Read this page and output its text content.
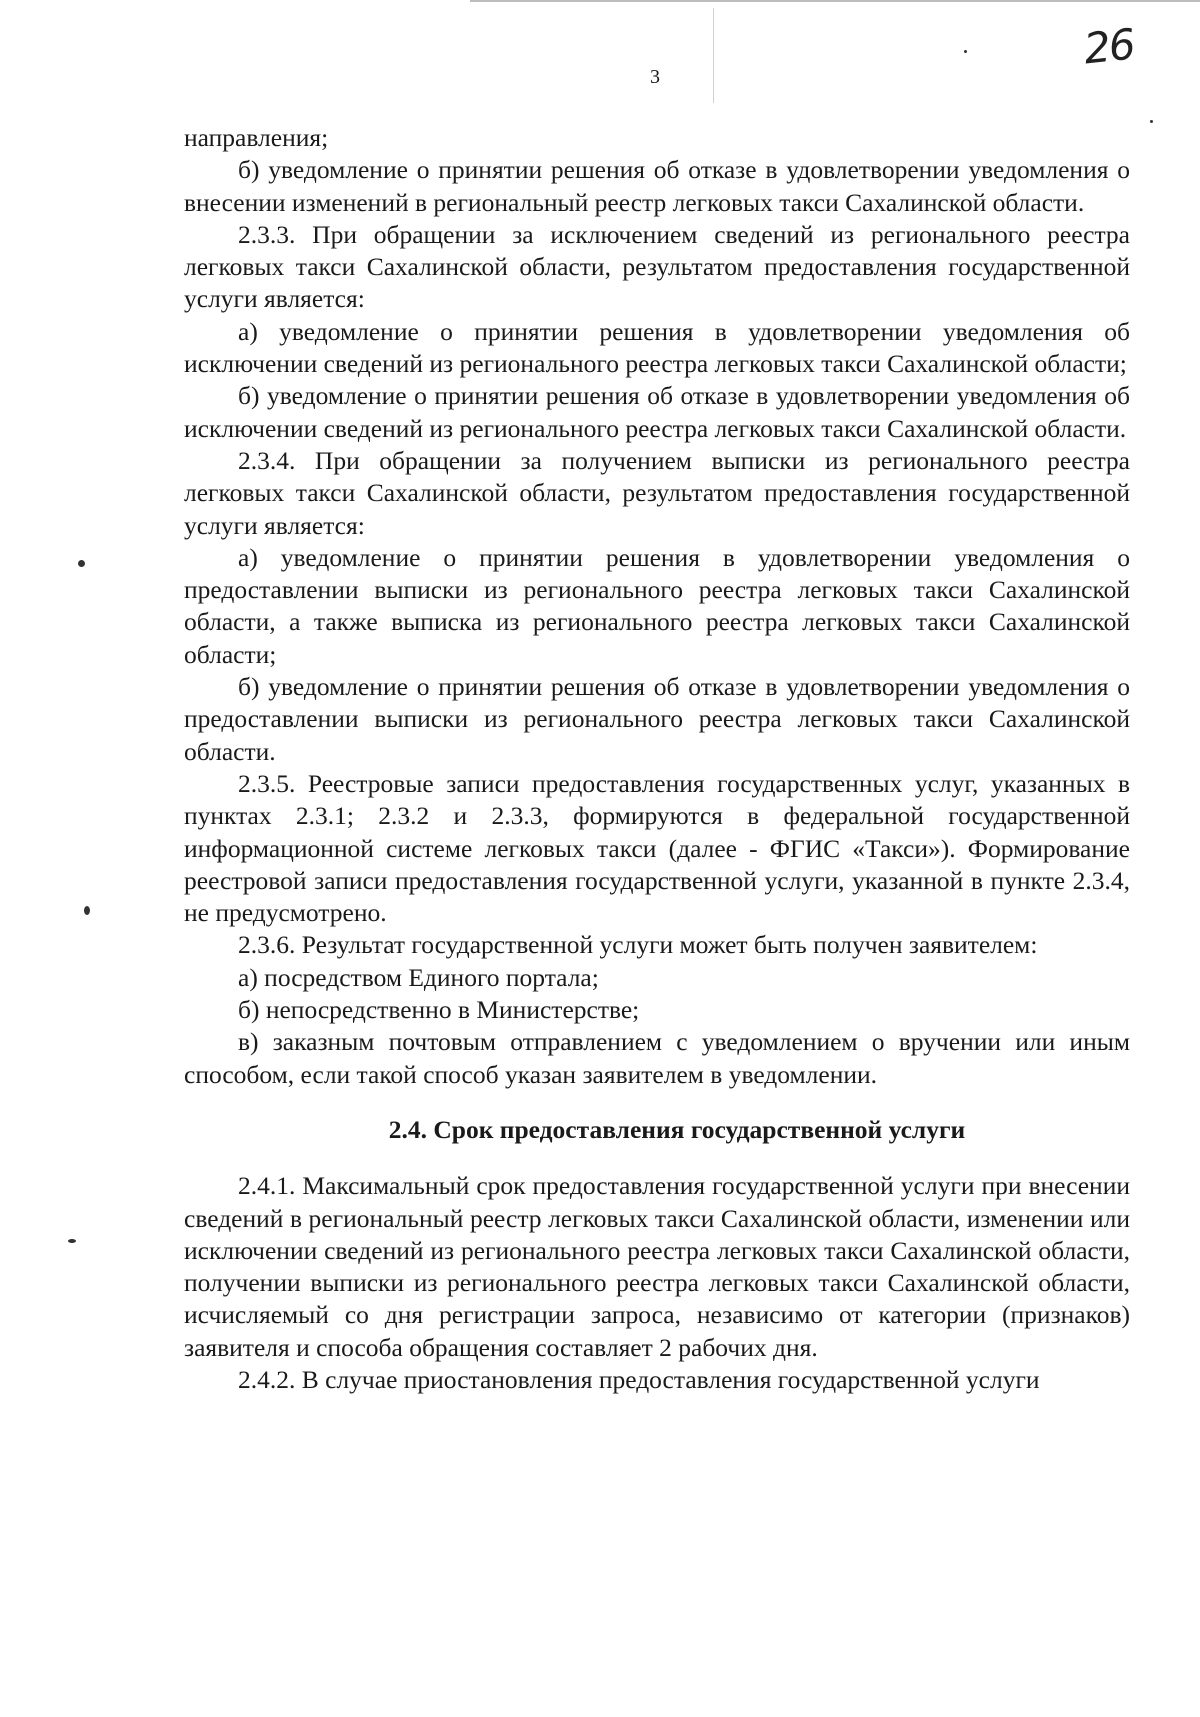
3
26

направления;

б) уведомление о принятии решения об отказе в удовлетворении уведомления о внесении изменений в региональный реестр легковых такси Сахалинской области.

2.3.3. При обращении за исключением сведений из регионального реестра легковых такси Сахалинской области, результатом предоставления государственной услуги является:

а) уведомление о принятии решения в удовлетворении уведомления об исключении сведений из регионального реестра легковых такси Сахалинской области;

б) уведомление о принятии решения об отказе в удовлетворении уведомления об исключении сведений из регионального реестра легковых такси Сахалинской области.

2.3.4. При обращении за получением выписки из регионального реестра легковых такси Сахалинской области, результатом предоставления государственной услуги является:

а) уведомление о принятии решения в удовлетворении уведомления о предоставлении выписки из регионального реестра легковых такси Сахалинской области, а также выписка из регионального реестра легковых такси Сахалинской области;

б) уведомление о принятии решения об отказе в удовлетворении уведомления о предоставлении выписки из регионального реестра легковых такси Сахалинской области.

2.3.5. Реестровые записи предоставления государственных услуг, указанных в пунктах 2.3.1; 2.3.2 и 2.3.3, формируются в федеральной государственной информационной системе легковых такси (далее - ФГИС «Такси»). Формирование реестровой записи предоставления государственной услуги, указанной в пункте 2.3.4, не предусмотрено.

2.3.6. Результат государственной услуги может быть получен заявителем:

а) посредством Единого портала;

б) непосредственно в Министерстве;

в) заказным почтовым отправлением с уведомлением о вручении или иным способом, если такой способ указан заявителем в уведомлении.

2.4. Срок предоставления государственной услуги

2.4.1. Максимальный срок предоставления государственной услуги при внесении сведений в региональный реестр легковых такси Сахалинской области, изменении или исключении сведений из регионального реестра легковых такси Сахалинской области, получении выписки из регионального реестра легковых такси Сахалинской области, исчисляемый со дня регистрации запроса, независимо от категории (признаков) заявителя и способа обращения составляет 2 рабочих дня.

2.4.2. В случае приостановления предоставления государственной услуги
